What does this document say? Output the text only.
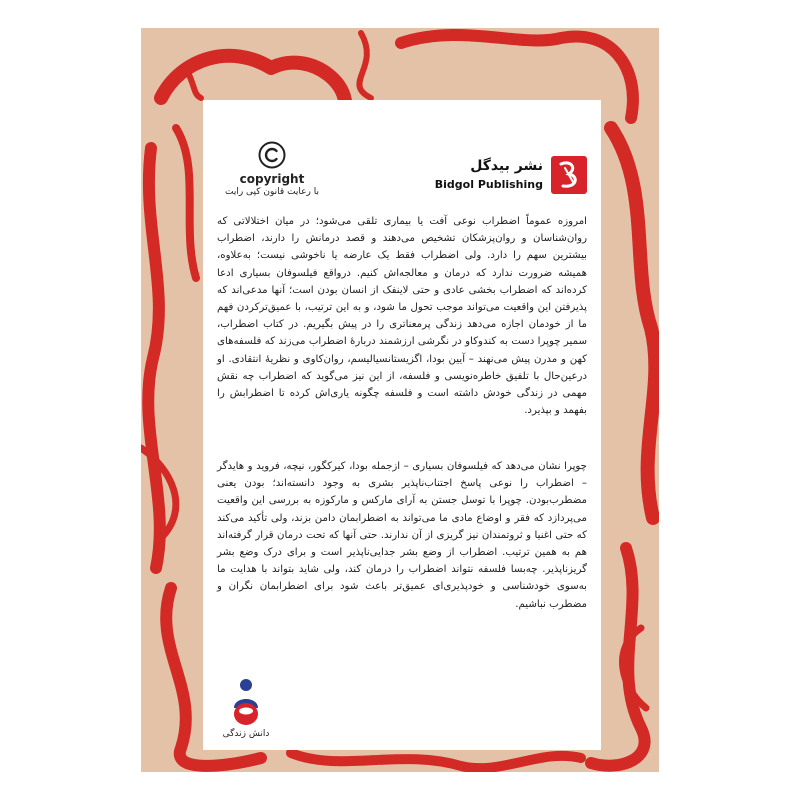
copyright
با رعایت قانون کپی رایت
نشر بیدگل
Bidgol Publishing

امروزه عموماً اضطراب نوعی آفت یا بیماری تلقی می‌شود؛ در میان اختلالاتی که روان‌شناسان و روان‌پزشکان تشخیص می‌دهند و قصد درمانش را دارند، اضطراب بیشترین سهم را دارد. ولی اضطراب فقط یک عارضه یا ناخوشی نیست؛ به‌علاوه، همیشه ضرورت ندارد که درمان و معالجه‌اش کنیم. درواقع فیلسوفان بسیاری ادعا کرده‌اند که اضطراب بخشی عادی و حتی لاینفک از انسان بودن است؛ آنها مدعی‌اند که پذیرفتن این واقعیت می‌تواند موجب تحول ما شود، و به این ترتیب، با عمیق‌ترکردن فهم ما از خودمان اجازه می‌دهد زندگی پرمعناتری را در پیش بگیریم. در کتاب اضطراب، سمیر چوپرا دست به کندوکاو در نگرشی ارزشمند دربارهٔ اضطراب می‌زند که فلسفه‌های کهن و مدرن پیش می‌نهند – آیین بودا، اگزیستانسیالیسم، روان‌کاوی و نظریهٔ انتقادی. او درعین‌حال با تلفیق خاطره‌نویسی و فلسفه، از این نیز می‌گوید که اضطراب چه نقش مهمی در زندگی خودش داشته است و فلسفه چگونه یاری‌اش کرده تا اضطرابش را بفهمد و بپذیرد.

چوپرا نشان می‌دهد که فیلسوفان بسیاری – ازجمله بودا، کیرکگور، نیچه، فروید و هایدگر – اضطراب را نوعی پاسخ اجتناب‌ناپذیر بشری به وجود دانسته‌اند؛ بودن یعنی مضطرب‌بودن. چوپرا با توسل جستن به آرای مارکس و مارکوزه به بررسی این واقعیت می‌پردازد که فقر و اوضاع مادی ما می‌تواند به اضطرابمان دامن بزند، ولی تأکید می‌کند که حتی اغنیا و ثروتمندان نیز گریزی از آن ندارند. حتی آنها که تحت درمان قرار گرفته‌اند هم به همین ترتیب. اضطراب از وضع بشر جدایی‌ناپذیر است و برای درک وضع بشر گریزناپذیر. چه‌بسا فلسفه نتواند اضطراب را درمان کند، ولی شاید بتواند با هدایت ما به‌سوی خودشناسی و خودپذیری‌ای عمیق‌تر باعث شود برای اضطرابمان نگران و مضطرب نباشیم.

دانش زندگی
